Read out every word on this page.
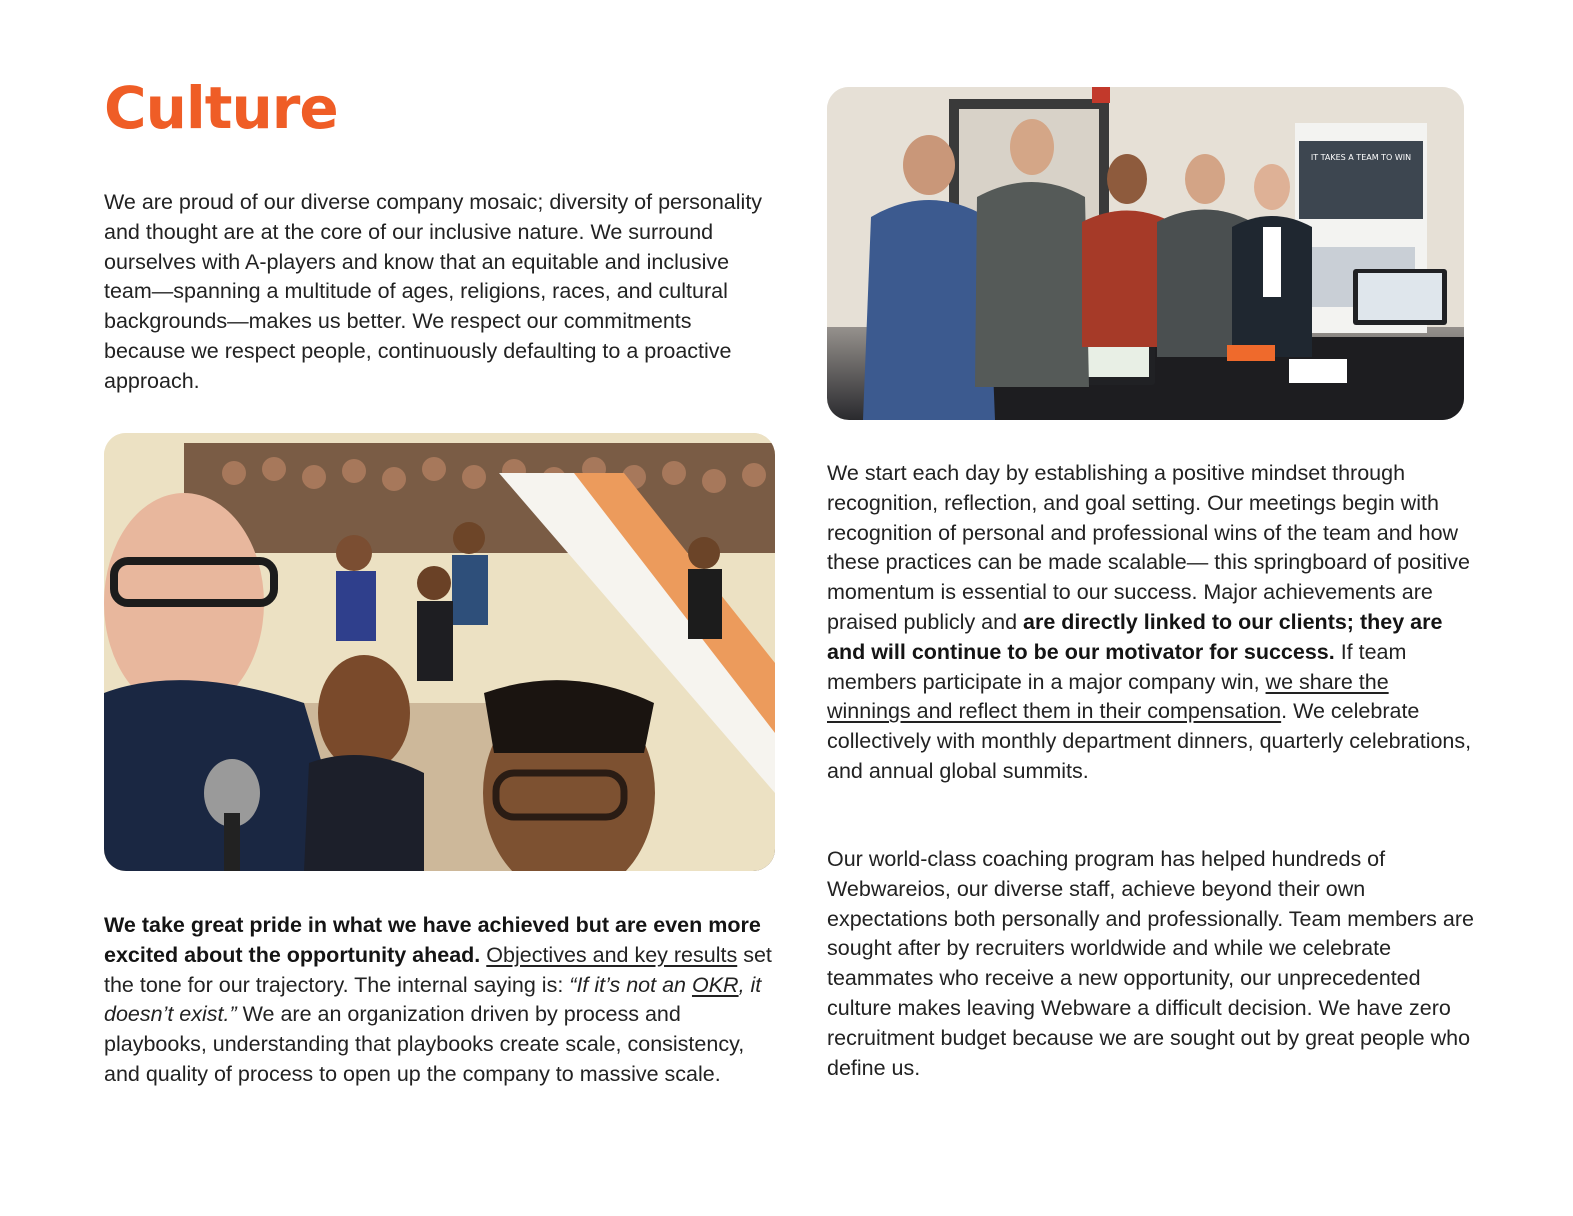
Culture

We are proud of our diverse company mosaic; diversity of personality and thought are at the core of our inclusive nature. We surround ourselves with A-players and know that an equitable and inclusive team—spanning a multitude of ages, religions, races, and cultural backgrounds—makes us better. We respect our commitments because we respect people, continuously defaulting to a proactive approach.

IT TAKES A TEAM TO WIN

We take great pride in what we have achieved but are even more excited about the opportunity ahead. Objectives and key results set the tone for our trajectory. The internal saying is: “If it’s not an OKR, it doesn’t exist.” We are an organization driven by process and playbooks, understanding that playbooks create scale, consistency, and quality of process to open up the company to massive scale.

We start each day by establishing a positive mindset through recognition, reflection, and goal setting. Our meetings begin with recognition of personal and professional wins of the team and how these practices can be made scalable— this springboard of positive momentum is essential to our success. Major achievements are praised publicly and are directly linked to our clients; they are and will continue to be our motivator for success. If team members participate in a major company win, we share the winnings and reflect them in their compensation. We celebrate collectively with monthly department dinners, quarterly celebrations, and annual global summits.

Our world-class coaching program has helped hundreds of Webwareios, our diverse staff, achieve beyond their own expectations both personally and professionally. Team members are sought after by recruiters worldwide and while we celebrate teammates who receive a new opportunity, our unprecedented culture makes leaving Webware a difficult decision. We have zero recruitment budget because we are sought out by great people who define us.
